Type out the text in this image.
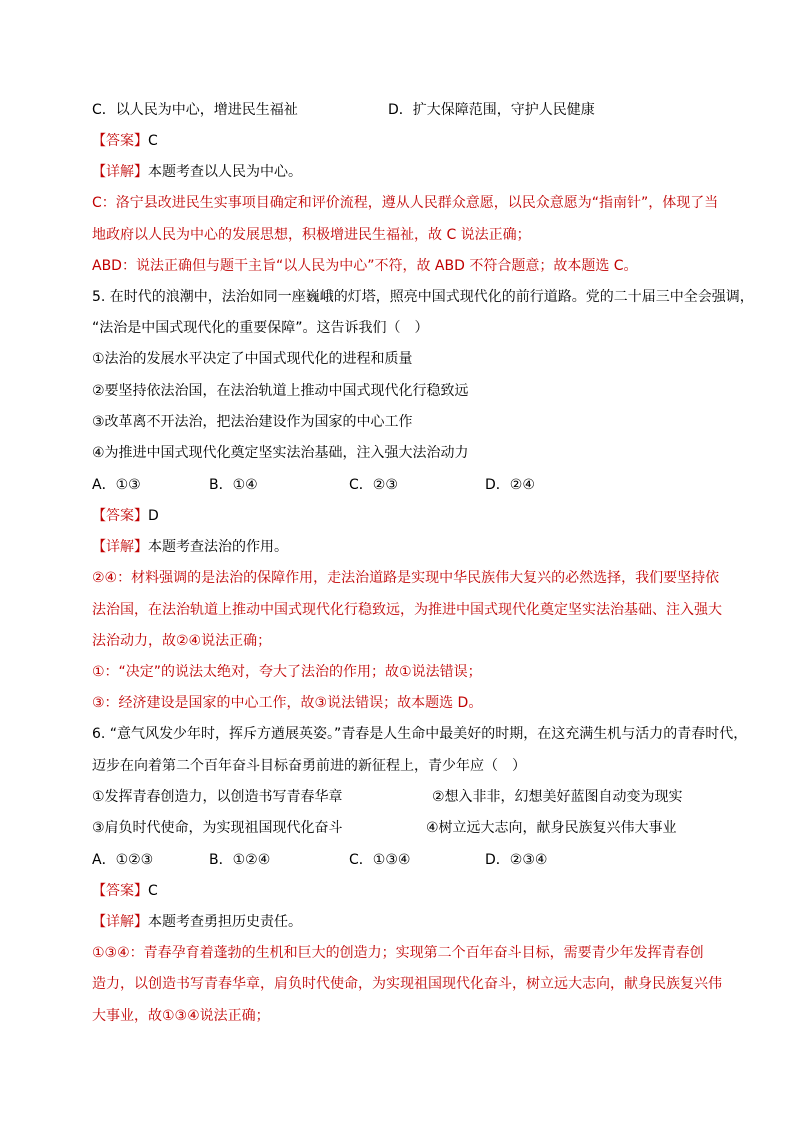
C．以人民为中心，增进民生福祉	D．扩大保障范围，守护人民健康
【答案】C
【详解】本题考查以人民为中心。
C：洛宁县改进民生实事项目确定和评价流程，遵从人民群众意愿，以民众意愿为“指南针”，体现了当
地政府以人民为中心的发展思想，积极增进民生福祉，故 C 说法正确；
ABD：说法正确但与题干主旨“以人民为中心”不符，故 ABD 不符合题意；故本题选 C。
5. 在时代的浪潮中，法治如同一座巍峨的灯塔，照亮中国式现代化的前行道路。党的二十届三中全会强调，
“法治是中国式现代化的重要保障”。这告诉我们（　）
①法治的发展水平决定了中国式现代化的进程和质量
②要坚持依法治国，在法治轨道上推动中国式现代化行稳致远
③改革离不开法治，把法治建设作为国家的中心工作
④为推进中国式现代化奠定坚实法治基础，注入强大法治动力
A．①③	B．①④	C．②③	D．②④
【答案】D
【详解】本题考查法治的作用。
②④：材料强调的是法治的保障作用，走法治道路是实现中华民族伟大复兴的必然选择，我们要坚持依
法治国，在法治轨道上推动中国式现代化行稳致远，为推进中国式现代化奠定坚实法治基础、注入强大
法治动力，故②④说法正确；
①：“决定”的说法太绝对，夸大了法治的作用；故①说法错误；
③：经济建设是国家的中心工作，故③说法错误；故本题选 D。
6. “意气风发少年时，挥斥方遒展英姿。”青春是人生命中最美好的时期，在这充满生机与活力的青春时代，
迈步在向着第二个百年奋斗目标奋勇前进的新征程上，青少年应（　）
①发挥青春创造力，以创造书写青春华章	②想入非非，幻想美好蓝图自动变为现实
③肩负时代使命，为实现祖国现代化奋斗	④树立远大志向，献身民族复兴伟大事业
A．①②③	B．①②④	C．①③④	D．②③④
【答案】C
【详解】本题考查勇担历史责任。
①③④：青春孕育着蓬勃的生机和巨大的创造力；实现第二个百年奋斗目标，需要青少年发挥青春创
造力，以创造书写青春华章，肩负时代使命，为实现祖国现代化奋斗，树立远大志向，献身民族复兴伟
大事业，故①③④说法正确；
